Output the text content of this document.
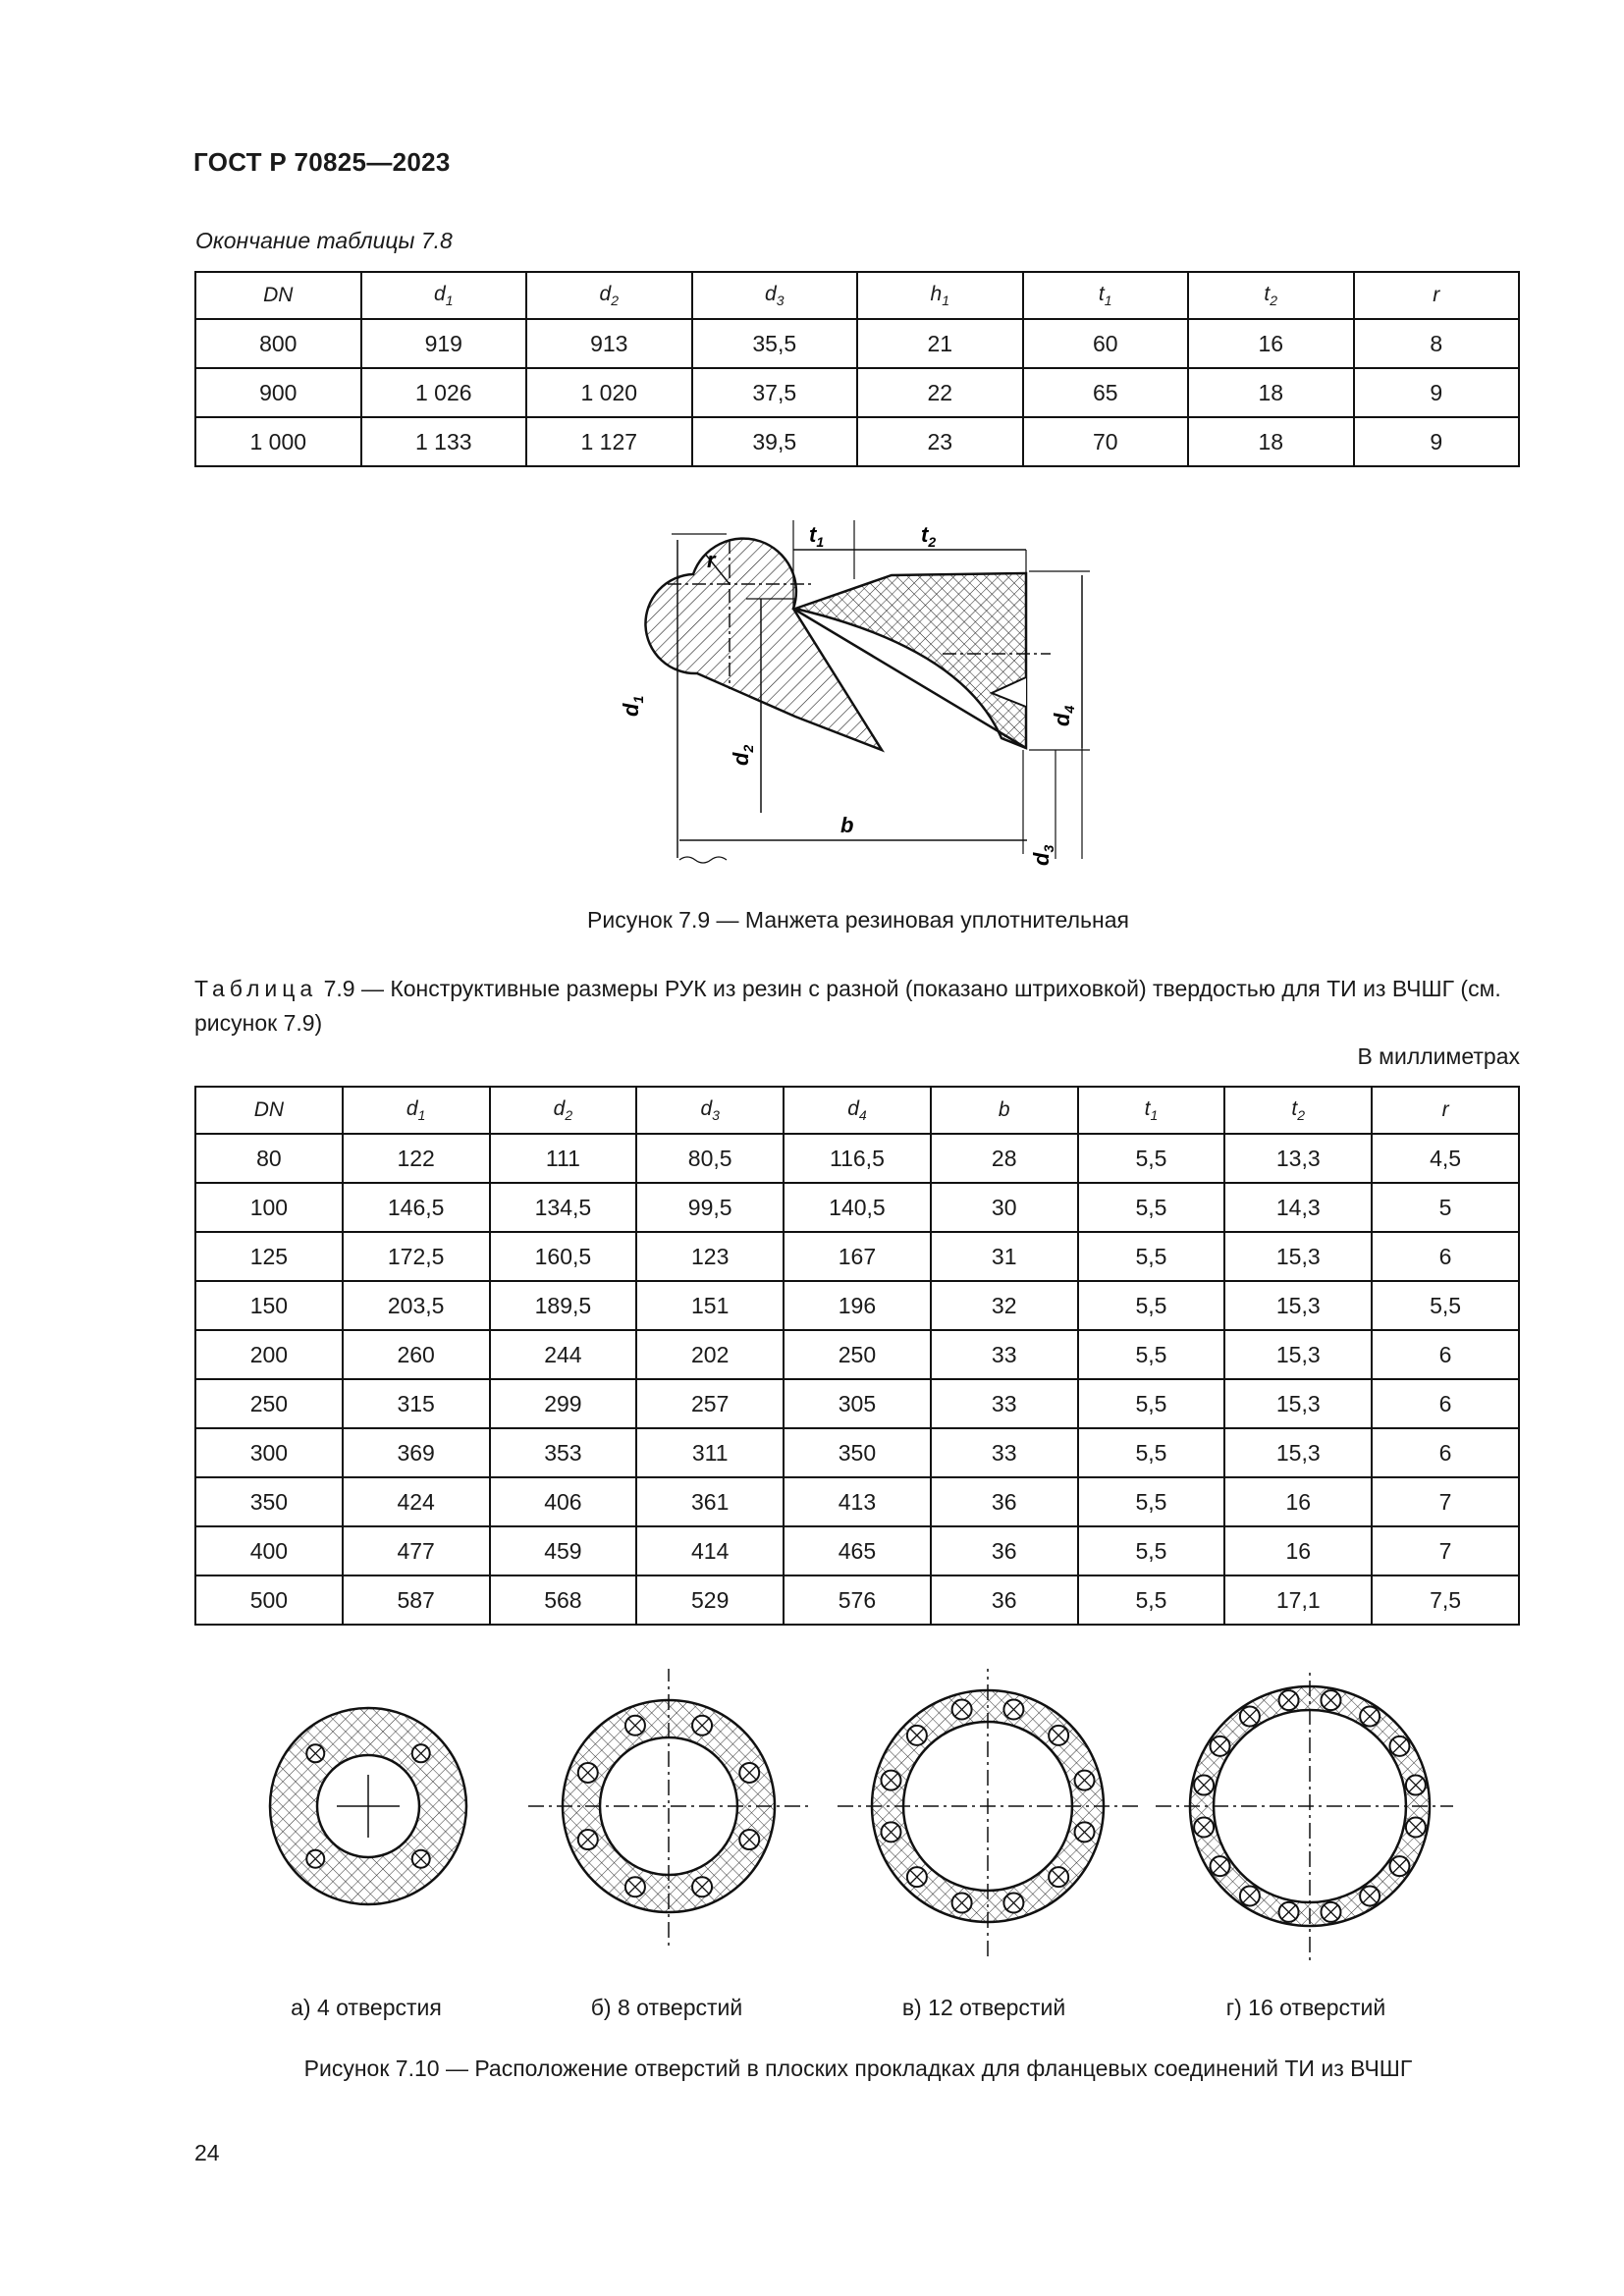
ГОСТ Р 70825—2023
Окончание таблицы 7.8
DN	$d_1$	$d_2$	$d_3$	$h_1$	$t_1$	$t_2$	r
800	919	913	35,5	21	60	16	8
900	1 026	1 020	37,5	22	65	18	9
1 000	1 133	1 127	39,5	23	70	18	9
r
$t_1$	$t_2$
$d_1$
$d_2$
$d_4$
$d_3$
b
Рисунок 7.9 — Манжета резиновая уплотнительная
Таблица 7.9 — Конструктивные размеры РУК из резин с разной (показано штриховкой) твердостью для ТИ из ВЧШГ (см. рисунок 7.9)
В миллиметрах
DN	$d_1$	$d_2$	$d_3$	$d_4$	b	$t_1$	$t_2$	r
80	122	111	80,5	116,5	28	5,5	13,3	4,5
100	146,5	134,5	99,5	140,5	30	5,5	14,3	5
125	172,5	160,5	123	167	31	5,5	15,3	6
150	203,5	189,5	151	196	32	5,5	15,3	5,5
200	260	244	202	250	33	5,5	15,3	6
250	315	299	257	305	33	5,5	15,3	6
300	369	353	311	350	33	5,5	15,3	6
350	424	406	361	413	36	5,5	16	7
400	477	459	414	465	36	5,5	16	7
500	587	568	529	576	36	5,5	17,1	7,5
а) 4 отверстия	б) 8 отверстий	в) 12 отверстий	г) 16 отверстий
Рисунок 7.10 — Расположение отверстий в плоских прокладках для фланцевых соединений ТИ из ВЧШГ
24
